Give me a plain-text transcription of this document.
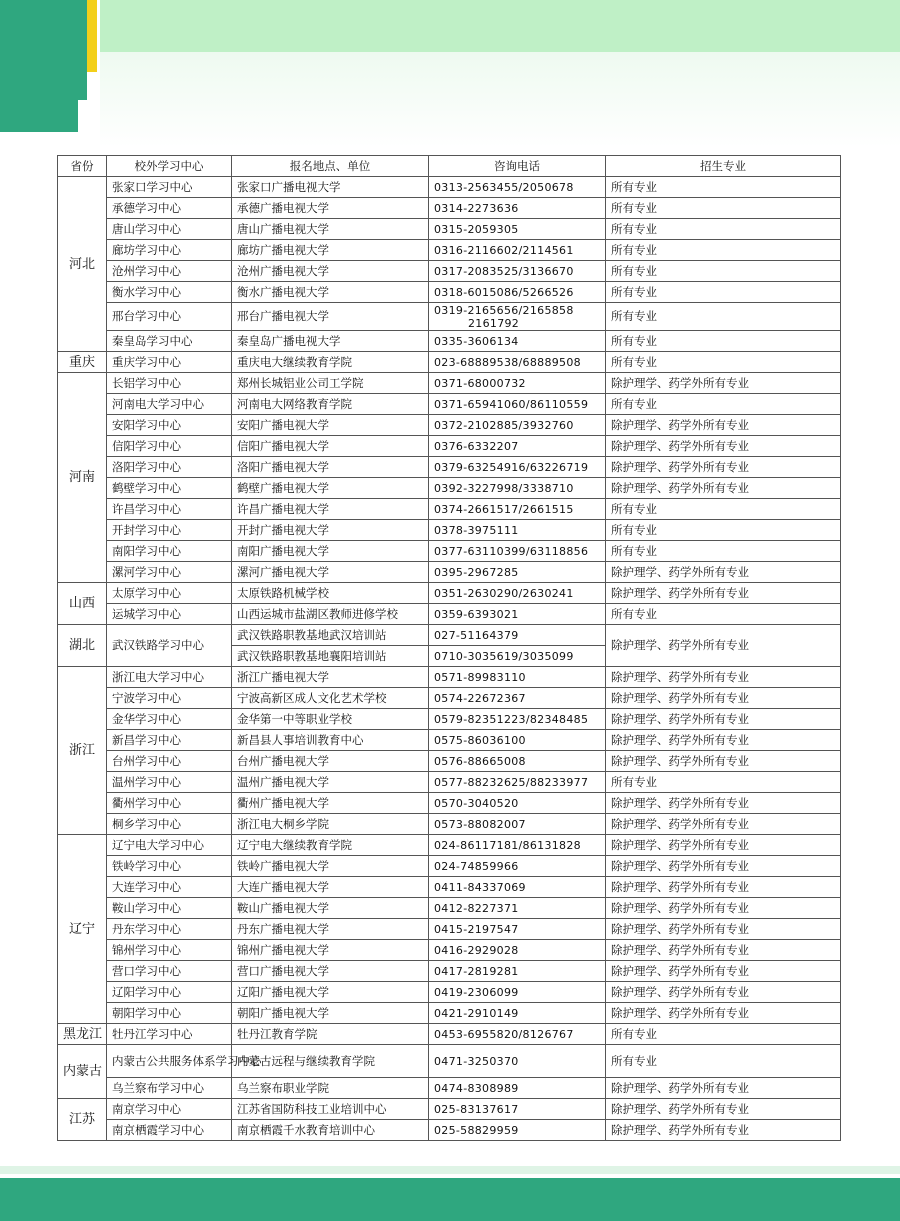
省份	校外学习中心	报名地点、单位	咨询电话	招生专业
河北	张家口学习中心	张家口广播电视大学	0313-2563455/2050678	所有专业
	承德学习中心	承德广播电视大学	0314-2273636	所有专业
	唐山学习中心	唐山广播电视大学	0315-2059305	所有专业
	廊坊学习中心	廊坊广播电视大学	0316-2116602/2114561	所有专业
	沧州学习中心	沧州广播电视大学	0317-2083525/3136670	所有专业
	衡水学习中心	衡水广播电视大学	0318-6015086/5266526	所有专业
	邢台学习中心	邢台广播电视大学	0319-2165656/2165858
2161792	所有专业
	秦皇岛学习中心	秦皇岛广播电视大学	0335-3606134	所有专业
重庆	重庆学习中心	重庆电大继续教育学院	023-68889538/68889508	所有专业
河南	长铝学习中心	郑州长城铝业公司工学院	0371-68000732	除护理学、药学外所有专业
	河南电大学习中心	河南电大网络教育学院	0371-65941060/86110559	所有专业
	安阳学习中心	安阳广播电视大学	0372-2102885/3932760	除护理学、药学外所有专业
	信阳学习中心	信阳广播电视大学	0376-6332207	除护理学、药学外所有专业
	洛阳学习中心	洛阳广播电视大学	0379-63254916/63226719	除护理学、药学外所有专业
	鹤壁学习中心	鹤壁广播电视大学	0392-3227998/3338710	除护理学、药学外所有专业
	许昌学习中心	许昌广播电视大学	0374-2661517/2661515	所有专业
	开封学习中心	开封广播电视大学	0378-3975111	所有专业
	南阳学习中心	南阳广播电视大学	0377-63110399/63118856	所有专业
	漯河学习中心	漯河广播电视大学	0395-2967285	除护理学、药学外所有专业
山西	太原学习中心	太原铁路机械学校	0351-2630290/2630241	除护理学、药学外所有专业
	运城学习中心	山西运城市盐湖区教师进修学校	0359-6393021	所有专业
湖北	武汉铁路学习中心	武汉铁路职教基地武汉培训站	027-51164379	除护理学、药学外所有专业
		武汉铁路职教基地襄阳培训站	0710-3035619/3035099	

浙江	浙江电大学习中心	浙江广播电视大学	0571-89983110	除护理学、药学外所有专业
	宁波学习中心	宁波高新区成人文化艺术学校	0574-22672367	除护理学、药学外所有专业
	金华学习中心	金华第一中等职业学校	0579-82351223/82348485	除护理学、药学外所有专业
	新昌学习中心	新昌县人事培训教育中心	0575-86036100	除护理学、药学外所有专业
	台州学习中心	台州广播电视大学	0576-88665008	除护理学、药学外所有专业
	温州学习中心	温州广播电视大学	0577-88232625/88233977	所有专业
	衢州学习中心	衢州广播电视大学	0570-3040520	除护理学、药学外所有专业
	桐乡学习中心	浙江电大桐乡学院	0573-88082007	除护理学、药学外所有专业
辽宁	辽宁电大学习中心	辽宁电大继续教育学院	024-86117181/86131828	除护理学、药学外所有专业
	铁岭学习中心	铁岭广播电视大学	024-74859966	除护理学、药学外所有专业
	大连学习中心	大连广播电视大学	0411-84337069	除护理学、药学外所有专业
	鞍山学习中心	鞍山广播电视大学	0412-8227371	除护理学、药学外所有专业
	丹东学习中心	丹东广播电视大学	0415-2197547	除护理学、药学外所有专业
	锦州学习中心	锦州广播电视大学	0416-2929028	除护理学、药学外所有专业
	营口学习中心	营口广播电视大学	0417-2819281	除护理学、药学外所有专业
	辽阳学习中心	辽阳广播电视大学	0419-2306099	除护理学、药学外所有专业
	朝阳学习中心	朝阳广播电视大学	0421-2910149	除护理学、药学外所有专业
黑龙江	牡丹江学习中心	牡丹江教育学院	0453-6955820/8126767	所有专业
内蒙古	内蒙古公共服务体系学习中心	内蒙古远程与继续教育学院	0471-3250370	所有专业
	乌兰察布学习中心	乌兰察布职业学院	0474-8308989	除护理学、药学外所有专业
江苏	南京学习中心	江苏省国防科技工业培训中心	025-83137617	除护理学、药学外所有专业
	南京栖霞学习中心	南京栖霞千水教育培训中心	025-58829959	除护理学、药学外所有专业
